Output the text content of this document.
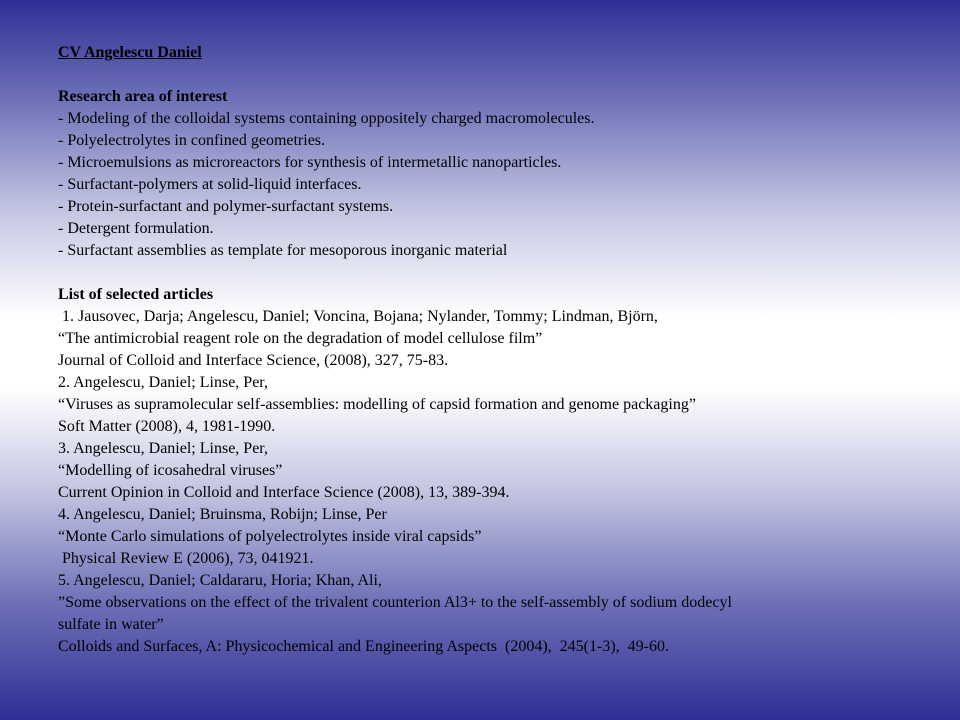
CV Angelescu Daniel
Research area of interest
- Modeling of the colloidal systems containing oppositely charged macromolecules.
- Polyelectrolytes in confined geometries.
- Microemulsions as microreactors for synthesis of intermetallic nanoparticles.
- Surfactant-polymers at solid-liquid interfaces.
- Protein-surfactant and polymer-surfactant systems.
- Detergent formulation.
- Surfactant assemblies as template for mesoporous inorganic material
List of selected articles
1. Jausovec, Darja; Angelescu, Daniel; Voncina, Bojana; Nylander, Tommy; Lindman, Björn,
“The antimicrobial reagent role on the degradation of model cellulose film”
Journal of Colloid and Interface Science, (2008), 327, 75-83.
2. Angelescu, Daniel; Linse, Per,
“Viruses as supramolecular self-assemblies: modelling of capsid formation and genome packaging”
Soft Matter (2008), 4, 1981-1990.
3. Angelescu, Daniel; Linse, Per,
“Modelling of icosahedral viruses”
Current Opinion in Colloid and Interface Science (2008), 13, 389-394.
4. Angelescu, Daniel; Bruinsma, Robijn; Linse, Per
“Monte Carlo simulations of polyelectrolytes inside viral capsids”
Physical Review E (2006), 73, 041921.
5. Angelescu, Daniel; Caldararu, Horia; Khan, Ali,
”Some observations on the effect of the trivalent counterion Al3+ to the self-assembly of sodium dodecyl
sulfate in water”
Colloids and Surfaces, A: Physicochemical and Engineering Aspects  (2004),  245(1-3),  49-60.
